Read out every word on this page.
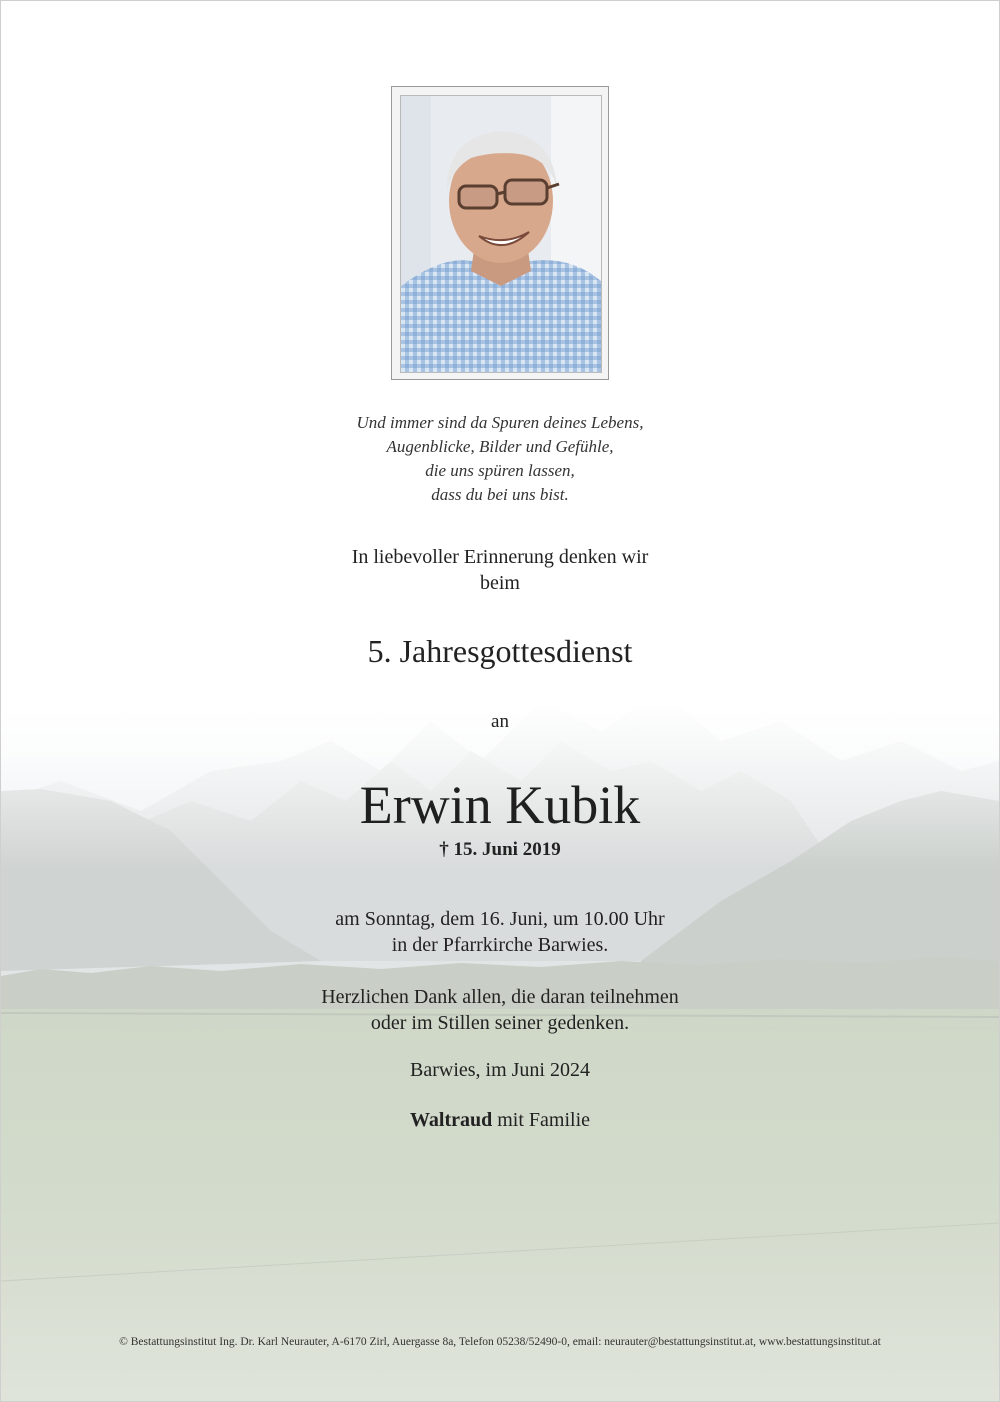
Und immer sind da Spuren deines Lebens,
Augenblicke, Bilder und Gefühle,
die uns spüren lassen,
dass du bei uns bist.
In liebevoller Erinnerung denken wir
beim
5. Jahresgottesdienst
an
Erwin Kubik
† 15. Juni 2019
am Sonntag, dem 16. Juni, um 10.00 Uhr
in der Pfarrkirche Barwies.
Herzlichen Dank allen, die daran teilnehmen
oder im Stillen seiner gedenken.
Barwies, im Juni 2024
Waltraud mit Familie
© Bestattungsinstitut Ing. Dr. Karl Neurauter, A-6170 Zirl, Auergasse 8a, Telefon 05238/52490-0, email: neurauter@bestattungsinstitut.at, www.bestattungsinstitut.at
